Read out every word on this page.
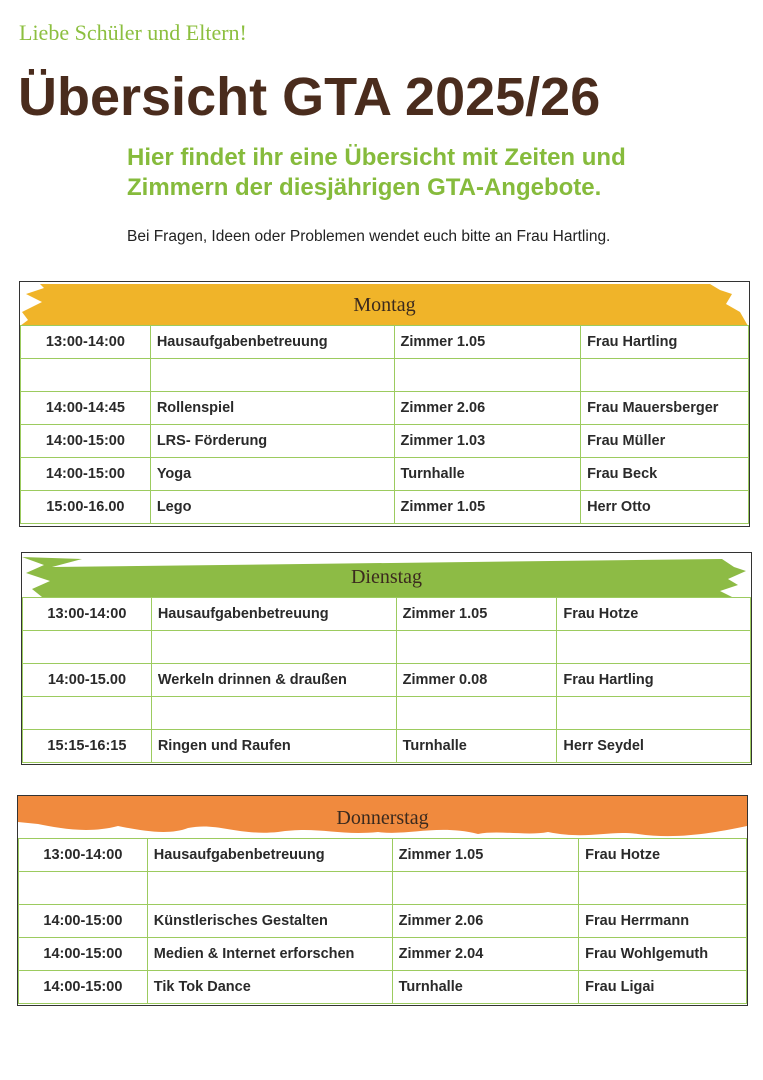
Liebe Schüler und Eltern!
Übersicht GTA 2025/26
Hier findet ihr eine Übersicht mit Zeiten und
Zimmern der diesjährigen GTA-Angebote.
Bei Fragen, Ideen oder Problemen wendet euch bitte an Frau Hartling.
Montag
13:00-14:00	Hausaufgabenbetreuung	Zimmer 1.05	Frau Hartling

14:00-14:45	Rollenspiel	Zimmer 2.06	Frau Mauersberger
14:00-15:00	LRS- Förderung	Zimmer 1.03	Frau Müller
14:00-15:00	Yoga	Turnhalle	Frau Beck
15:00-16.00	Lego	Zimmer 1.05	Herr Otto
Dienstag
13:00-14:00	Hausaufgabenbetreuung	Zimmer 1.05	Frau Hotze

14:00-15.00	Werkeln drinnen & draußen	Zimmer 0.08	Frau Hartling

15:15-16:15	Ringen und Raufen	Turnhalle	Herr Seydel
Donnerstag
13:00-14:00	Hausaufgabenbetreuung	Zimmer 1.05	Frau Hotze

14:00-15:00	Künstlerisches Gestalten	Zimmer 2.06	Frau Herrmann
14:00-15:00	Medien & Internet erforschen	Zimmer 2.04	Frau Wohlgemuth
14:00-15:00	Tik Tok Dance	Turnhalle	Frau Ligai
